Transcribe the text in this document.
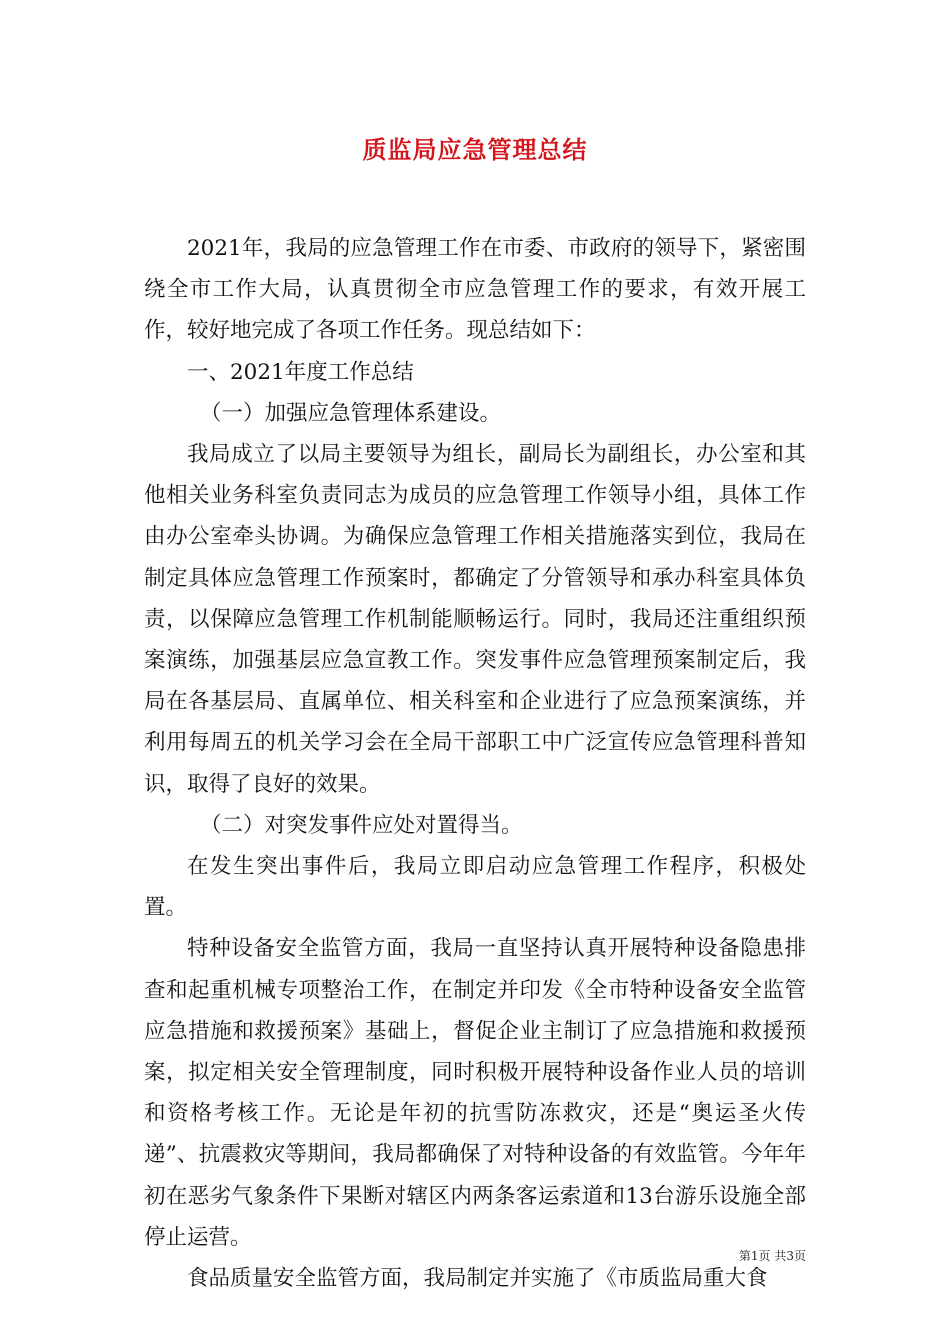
质监局应急管理总结

2021年，我局的应急管理工作在市委、市政府的领导下，紧密围绕全市工作大局，认真贯彻全市应急管理工作的要求，有效开展工作，较好地完成了各项工作任务。现总结如下：

一、2021年度工作总结

（一）加强应急管理体系建设。

我局成立了以局主要领导为组长，副局长为副组长，办公室和其他相关业务科室负责同志为成员的应急管理工作领导小组，具体工作由办公室牵头协调。为确保应急管理工作相关措施落实到位，我局在制定具体应急管理工作预案时，都确定了分管领导和承办科室具体负责，以保障应急管理工作机制能顺畅运行。同时，我局还注重组织预案演练，加强基层应急宣教工作。突发事件应急管理预案制定后，我局在各基层局、直属单位、相关科室和企业进行了应急预案演练，并利用每周五的机关学习会在全局干部职工中广泛宣传应急管理科普知识，取得了良好的效果。

（二）对突发事件应处对置得当。

在发生突出事件后，我局立即启动应急管理工作程序，积极处置。

特种设备安全监管方面，我局一直坚持认真开展特种设备隐患排查和起重机械专项整治工作，在制定并印发《全市特种设备安全监管应急措施和救援预案》基础上，督促企业主制订了应急措施和救援预案，拟定相关安全管理制度，同时积极开展特种设备作业人员的培训和资格考核工作。无论是年初的抗雪防冻救灾，还是“奥运圣火传递”、抗震救灾等期间，我局都确保了对特种设备的有效监管。今年年初在恶劣气象条件下果断对辖区内两条客运索道和13台游乐设施全部停止运营。

食品质量安全监管方面，我局制定并实施了《市质监局重大食

第1页 共3页
